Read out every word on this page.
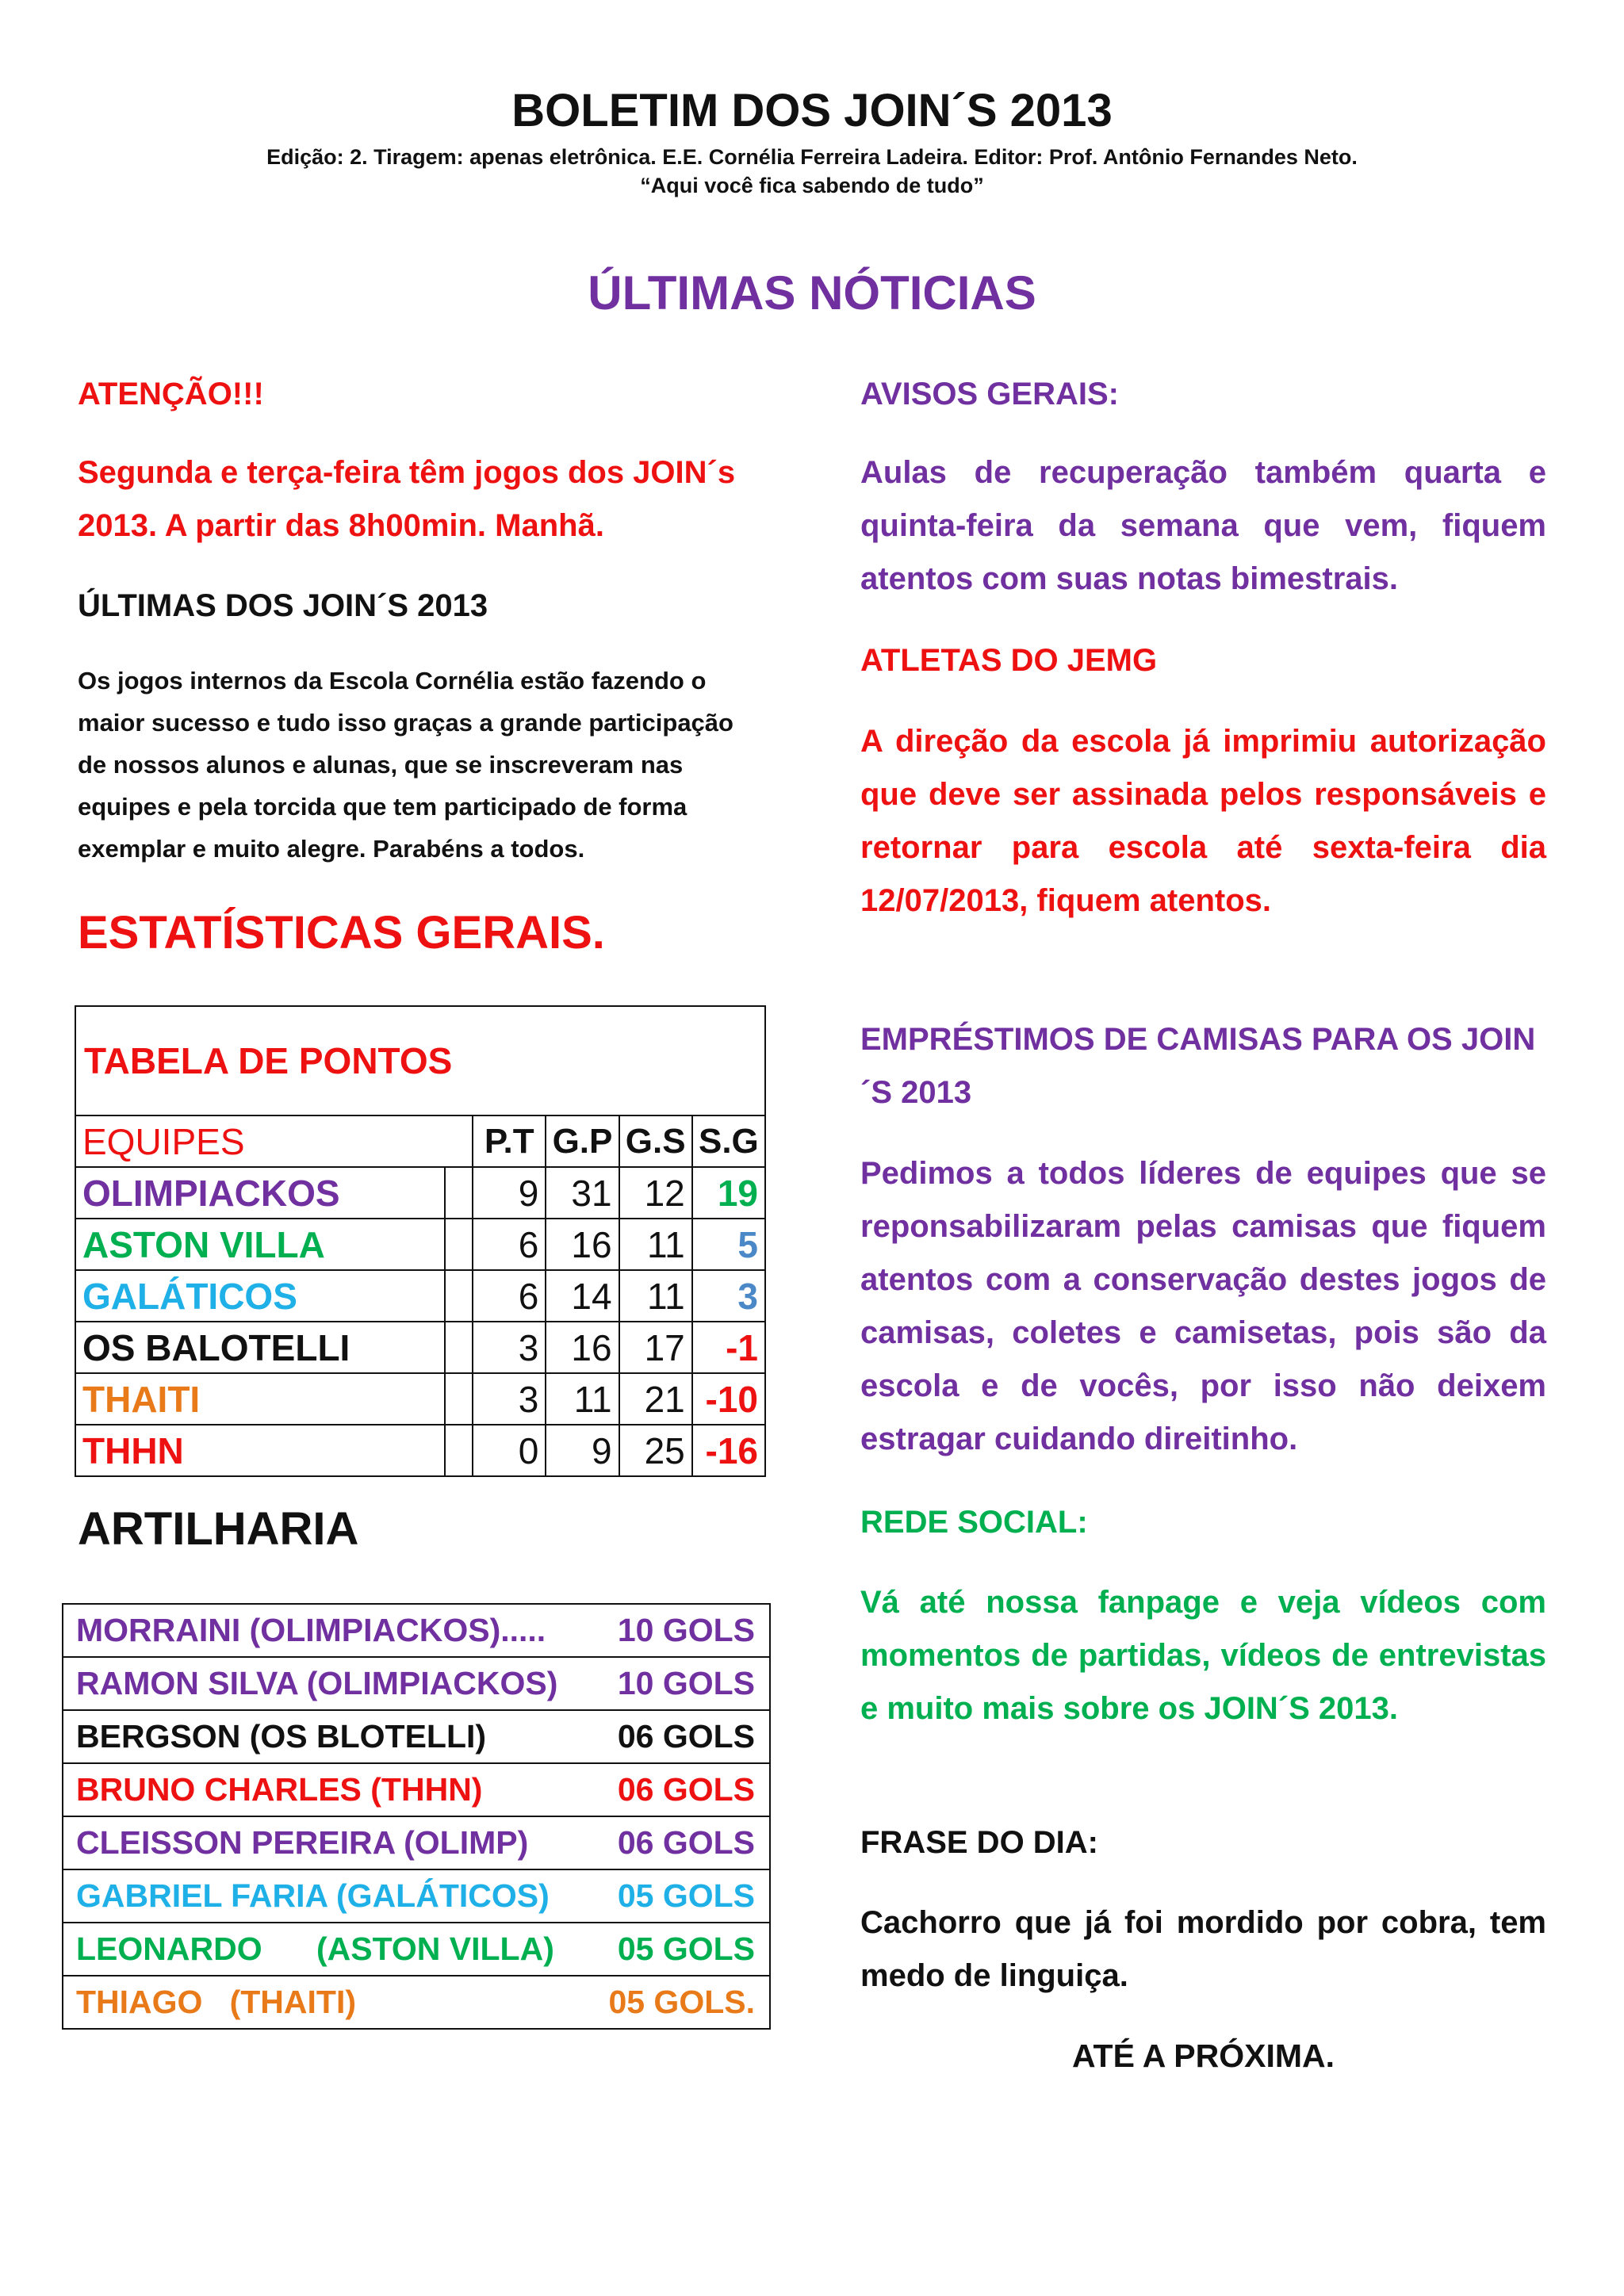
BOLETIM DOS JOIN´S 2013

Edição: 2. Tiragem: apenas eletrônica. E.E. Cornélia Ferreira Ladeira. Editor: Prof. Antônio Fernandes Neto.

“Aqui você fica sabendo de tudo”

ÚLTIMAS NÓTICIAS

ATENÇÃO!!!

Segunda e terça-feira têm jogos dos JOIN´s 2013. A partir das 8h00min. Manhã.

ÚLTIMAS DOS JOIN´S 2013

Os jogos internos da Escola Cornélia estão fazendo o maior sucesso e tudo isso graças a grande participação de nossos alunos e alunas, que se inscreveram nas equipes e pela torcida que tem participado de forma exemplar e muito alegre. Parabéns a todos.

ESTATÍSTICAS GERAIS.

TABELA DE PONTOS					
EQUIPES		P.T	G.P	G.S	S.G
OLIMPIACKOS		9	31	12	19
ASTON VILLA		6	16	11	5
GALÁTICOS		6	14	11	3
OS BALOTELLI		3	16	17	-1
THAITI		3	11	21	-10
THHN		0	9	25	-16
ARTILHARIA
MORRAINI (OLIMPIACKOS).....	10 GOLS
RAMON SILVA (OLIMPIACKOS)	10 GOLS
BERGSON (OS BLOTELLI)	06 GOLS
BRUNO CHARLES (THHN)	06 GOLS
CLEISSON PEREIRA (OLIMP)	06 GOLS
GABRIEL FARIA (GALÁTICOS)	05 GOLS
LEONARDO      (ASTON VILLA)	05 GOLS
THIAGO   (THAITI)	05 GOLS.

AVISOS GERAIS:

Aulas de recuperação também quarta e quinta-feira da semana que vem, fiquem atentos com suas notas bimestrais.

ATLETAS DO JEMG

A direção da escola já imprimiu autorização que deve ser assinada pelos responsáveis e retornar para escola até sexta-feira dia 12/07/2013, fiquem atentos.

EMPRÉSTIMOS DE CAMISAS PARA OS JOIN´S 2013

Pedimos a todos líderes de equipes que se reponsabilizaram pelas camisas que fiquem atentos com a conservação destes jogos de camisas, coletes e camisetas, pois são da escola e de vocês, por isso não deixem estragar cuidando direitinho.

REDE SOCIAL:

Vá até nossa fanpage e veja vídeos com momentos de partidas, vídeos de entrevistas e muito mais sobre os JOIN´S 2013.

FRASE DO DIA:

Cachorro que já foi mordido por cobra, tem medo de linguiça.

ATÉ A PRÓXIMA.
